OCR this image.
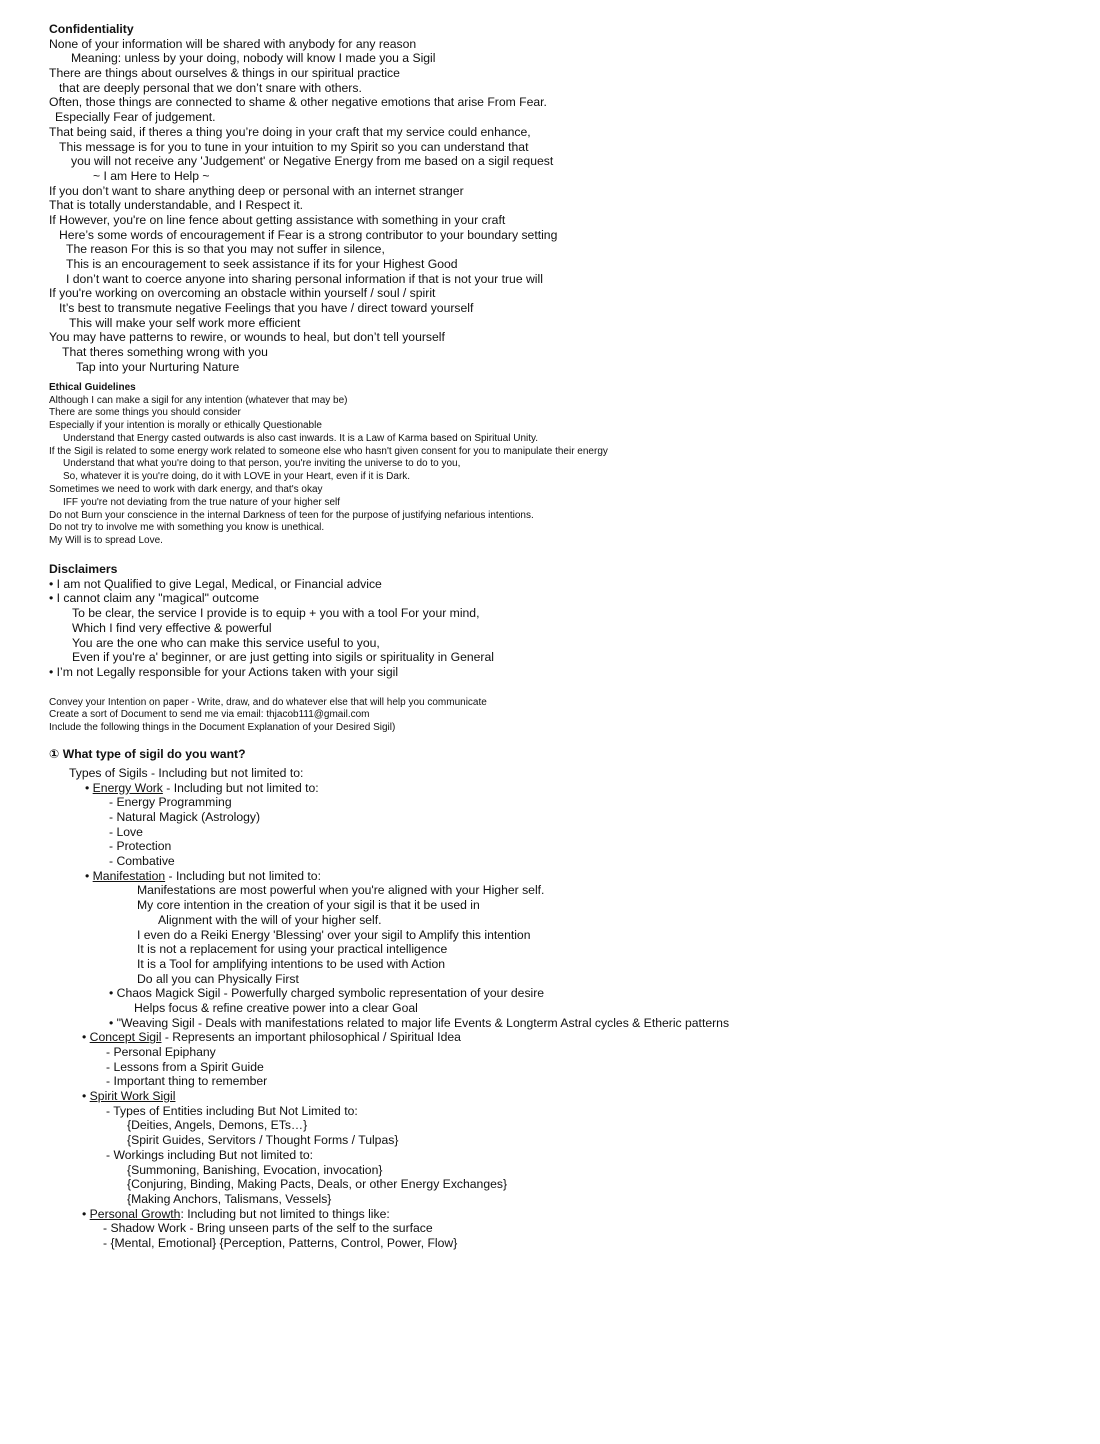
Confidentiality
None of your information will be shared with anybody for any reason
Meaning: unless by your doing, nobody will know I made you a Sigil
There are things about ourselves & things in our spiritual practice
that are deeply personal that we don’t snare with others.
Often, those things are connected to shame & other negative emotions that arise From Fear.
Especially Fear of judgement.
That being said, if theres a thing you’re doing in your craft that my service could enhance,
This message is for you to tune in your intuition to my Spirit so you can understand that
you will not receive any 'Judgement' or Negative Energy from me based on a sigil request
~ I am Here to Help ~
If you don’t want to share anything deep or personal with an internet stranger
That is totally understandable, and I Respect it.
If However, you're on line fence about getting assistance with something in your craft
Here’s some words of encouragement if Fear is a strong contributor to your boundary setting
The reason For this is so that you may not suffer in silence,
This is an encouragement to seek assistance if its for your Highest Good
I don’t want to coerce anyone into sharing personal information if that is not your true will
If you're working on overcoming an obstacle within yourself / soul / spirit
It’s best to transmute negative Feelings that you have / direct toward yourself
This will make your self work more efficient
You may have patterns to rewire, or wounds to heal, but don’t tell yourself
That theres something wrong with you
Tap into your Nurturing Nature
Ethical Guidelines
Although I can make a sigil for any intention (whatever that may be)
There are some things you should consider
Especially if your intention is morally or ethically Questionable
Understand that Energy casted outwards is also cast inwards. It is a Law of Karma based on Spiritual Unity.
If the Sigil is related to some energy work related to someone else who hasn't given consent for you to manipulate their energy
Understand that what you're doing to that person, you're inviting the universe to do to you,
So, whatever it is you're doing, do it with LOVE in your Heart, even if it is Dark.
Sometimes we need to work with dark energy, and that's okay
IFF you're not deviating from the true nature of your higher self
Do not Burn your conscience in the internal Darkness of teen for the purpose of justifying nefarious intentions.
Do not try to involve me with something you know is unethical.
My Will is to spread Love.
Disclaimers
• I am not Qualified to give Legal, Medical, or Financial advice
• I cannot claim any "magical" outcome
To be clear, the service I provide is to equip + you with a tool For your mind,
Which I find very effective & powerful
You are the one who can make this service useful to you,
Even if you're a' beginner, or are just getting into sigils or spirituality in General
• I’m not Legally responsible for your Actions taken with your sigil
Convey your Intention on paper - Write, draw, and do whatever else that will help you communicate
Create a sort of Document to send me via email: thjacob111@gmail.com
Include the following things in the Document Explanation of your Desired Sigil)
① What type of sigil do you want?
Types of Sigils - Including but not limited to:
• Energy Work - Including but not limited to:
- Energy Programming
- Natural Magick (Astrology)
- Love
- Protection
- Combative
• Manifestation - Including but not limited to:
Manifestations are most powerful when you're aligned with your Higher self.
My core intention in the creation of your sigil is that it be used in
Alignment with the will of your higher self.
I even do a Reiki Energy 'Blessing' over your sigil to Amplify this intention
It is not a replacement for using your practical intelligence
It is a Tool for amplifying intentions to be used with Action
Do all you can Physically First
• Chaos Magick Sigil - Powerfully charged symbolic representation of your desire
Helps focus & refine creative power into a clear Goal
• "Weaving Sigil - Deals with manifestations related to major life Events & Longterm Astral cycles & Etheric patterns
• Concept Sigil - Represents an important philosophical / Spiritual Idea
- Personal Epiphany
- Lessons from a Spirit Guide
- Important thing to remember
• Spirit Work Sigil
- Types of Entities including But Not Limited to:
{Deities, Angels, Demons, ETs…}
{Spirit Guides, Servitors / Thought Forms / Tulpas}
- Workings including But not limited to:
{Summoning, Banishing, Evocation, invocation}
{Conjuring, Binding, Making Pacts, Deals, or other Energy Exchanges}
{Making Anchors, Talismans, Vessels}
• Personal Growth: Including but not limited to things like:
- Shadow Work - Bring unseen parts of the self to the surface
- {Mental, Emotional} {Perception, Patterns, Control, Power, Flow}
